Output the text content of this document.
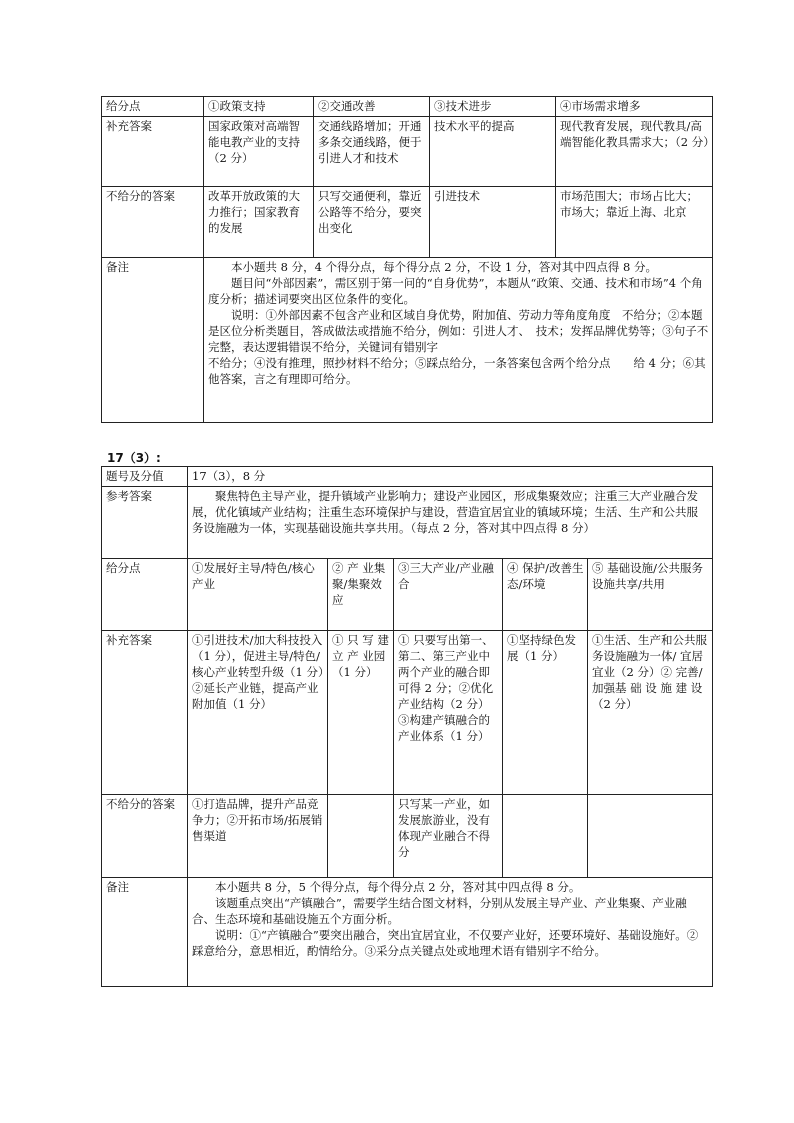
给分点	①政策支持	②交通改善	③技术进步	④市场需求增多
补充答案	国家政策对高端智能电教产业的支持（2 分）	交通线路增加；开通多条交通线路，便于引进人才和技术	技术水平的提高	现代教育发展，现代教具/高端智能化教具需求大；（2 分）
不给分的答案	改革开放政策的大力推行；国家教育的发展	只写交通便利，靠近公路等不给分，要突出变化	引进技术	市场范围大；市场占比大；市场大；靠近上海、北京
备注	本小题共 8 分，4 个得分点，每个得分点 2 分，不设 1 分，答对其中四点得 8 分。

题目问“外部因素”，需区别于第一问的“自身优势”，本题从“政策、交通、技术和市场”4 个角度分析；描述词要突出区位条件的变化。

说明：①外部因素不包含产业和区域自身优势，附加值、劳动力等角度角度　不给分；②本题是区位分析类题目，答成做法或措施不给分，例如：引进人才、　技术；发挥品牌优势等；③句子不完整，表达逻辑错误不给分，关键词有错别字

不给分；④没有推理，照抄材料不给分；⑤踩点给分，一条答案包含两个给分点　　给 4 分；⑥其他答案，言之有理即可给分。			

17（3）:
题号及分值	17（3），8 分				
参考答案	聚焦特色主导产业，提升镇域产业影响力；建设产业园区，形成集聚效应；注重三大产业融合发展，优化镇域产业结构；注重生态环境保护与建设，营造宜居宜业的镇域环境；生活、生产和公共服务设施融为一体，实现基础设施共享共用。（每点 2 分，答对其中四点得 8 分）				

给分点	①发展好主导/特色/核心产业	② 产 业集聚/集聚效应	③三大产业/产业融合	④ 保护/改善生态/环境	⑤ 基础设施/公共服务设施共享/共用
补充答案	①引进技术/加大科技投入（1 分），促进主导/特色/核心产业转型升级（1 分）②延长产业链，提高产业附加值（1 分）	① 只 写 建 立 产 业园（1 分）	① 只要写出第一、第二、第三产业中两个产业的融合即可得 2 分；②优化产业结构（2 分）③构建产镇融合的产业体系（1 分）	①坚持绿色发展（1 分）	①生活、生产和公共服务设施融为一体/ 宜居宜业（2 分）② 完善/ 加强基 础 设 施 建 设（2 分）
不给分的答案	①打造品牌，提升产品竞争力；②开拓市场/拓展销售渠道		只写某一产业，如发展旅游业，没有体现产业融合不得分		
备注	本小题共 8 分，5 个得分点，每个得分点 2 分，答对其中四点得 8 分。

该题重点突出“产镇融合”，需要学生结合图文材料，分别从发展主导产业、产业集聚、产业融合、生态环境和基础设施五个方面分析。

说明：①“产镇融合”要突出融合，突出宜居宜业，不仅要产业好，还要环境好、基础设施好。②踩意给分，意思相近，酌情给分。③采分点关键点处或地理术语有错别字不给分。				
